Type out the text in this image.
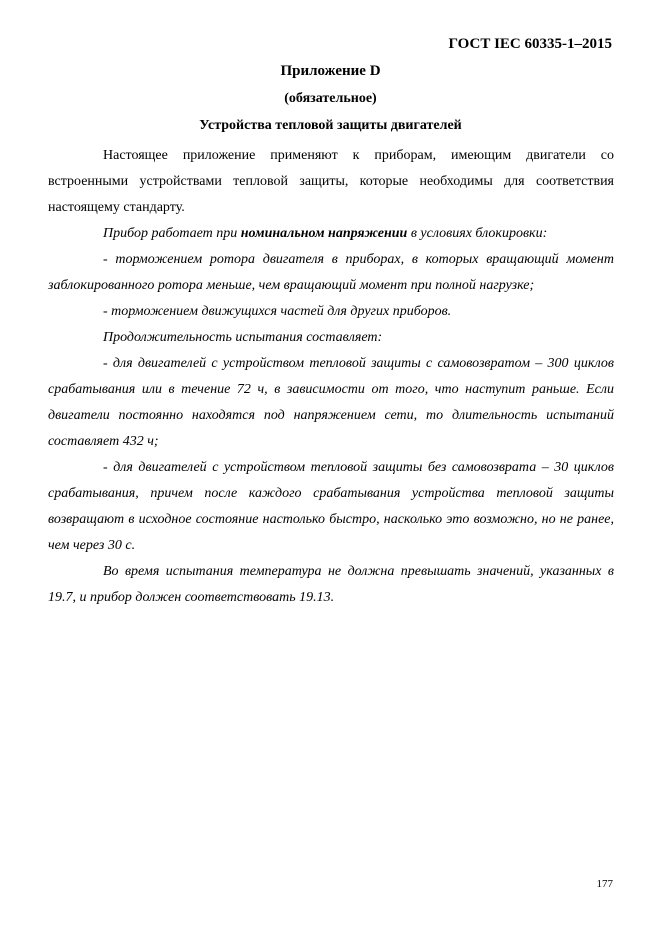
ГОСТ IEC 60335-1–2015
Приложение D
(обязательное)
Устройства тепловой защиты двигателей

Настоящее приложение применяют к приборам, имеющим двигатели со встроенными устройствами тепловой защиты, которые необходимы для соответствия настоящему стандарту.

Прибор работает при номинальном напряжении в условиях блокировки:

- торможением ротора двигателя в приборах, в которых вращающий момент заблокированного ротора меньше, чем вращающий момент при полной нагрузке;

- торможением движущихся частей для других приборов.

Продолжительность испытания составляет:

- для двигателей с устройством тепловой защиты с самовозвратом – 300 циклов срабатывания или в течение 72 ч, в зависимости от того, что наступит раньше. Если двигатели постоянно находятся под напряжением сети, то длительность испытаний составляет 432 ч;

- для двигателей с устройством тепловой защиты без самовозврата – 30 циклов срабатывания, причем после каждого срабатывания устройства тепловой защиты возвращают в исходное состояние настолько быстро, насколько это возможно, но не ранее, чем через 30 с.

Во время испытания температура не должна превышать значений, указанных в 19.7, и прибор должен соответствовать 19.13.

177
